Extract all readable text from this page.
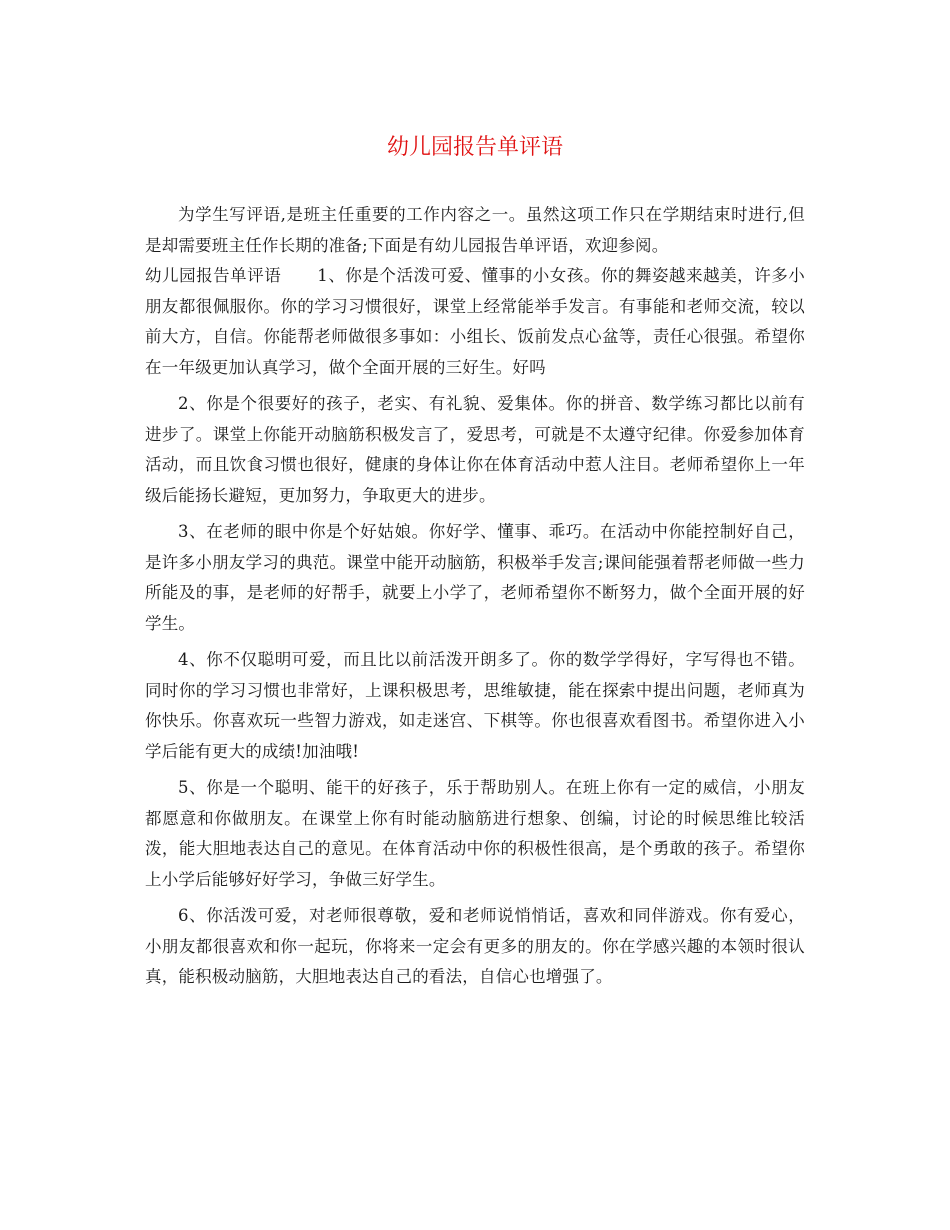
幼儿园报告单评语

为学生写评语,是班主任重要的工作内容之一。虽然这项工作只在学期结束时进行,但是却需要班主任作长期的准备;下面是有幼儿园报告单评语，欢迎参阅。

幼儿园报告单评语 1、你是个活泼可爱、懂事的小女孩。你的舞姿越来越美，许多小朋友都很佩服你。你的学习习惯很好，课堂上经常能举手发言。有事能和老师交流，较以前大方，自信。你能帮老师做很多事如：小组长、饭前发点心盆等，责任心很强。希望你在一年级更加认真学习，做个全面开展的三好生。好吗

2、你是个很要好的孩子，老实、有礼貌、爱集体。你的拼音、数学练习都比以前有进步了。课堂上你能开动脑筋积极发言了，爱思考，可就是不太遵守纪律。你爱参加体育活动，而且饮食习惯也很好，健康的身体让你在体育活动中惹人注目。老师希望你上一年级后能扬长避短，更加努力，争取更大的进步。

3、在老师的眼中你是个好姑娘。你好学、懂事、乖巧。在活动中你能控制好自己，是许多小朋友学习的典范。课堂中能开动脑筋，积极举手发言;课间能强着帮老师做一些力所能及的事，是老师的好帮手，就要上小学了，老师希望你不断努力，做个全面开展的好学生。

4、你不仅聪明可爱，而且比以前活泼开朗多了。你的数学学得好，字写得也不错。同时你的学习习惯也非常好，上课积极思考，思维敏捷，能在探索中提出问题，老师真为你快乐。你喜欢玩一些智力游戏，如走迷宫、下棋等。你也很喜欢看图书。希望你进入小学后能有更大的成绩!加油哦!

5、你是一个聪明、能干的好孩子，乐于帮助别人。在班上你有一定的威信，小朋友都愿意和你做朋友。在课堂上你有时能动脑筋进行想象、创编，讨论的时候思维比较活泼，能大胆地表达自己的意见。在体育活动中你的积极性很高，是个勇敢的孩子。希望你上小学后能够好好学习，争做三好学生。

6、你活泼可爱，对老师很尊敬，爱和老师说悄悄话，喜欢和同伴游戏。你有爱心，小朋友都很喜欢和你一起玩，你将来一定会有更多的朋友的。你在学感兴趣的本领时很认真，能积极动脑筋，大胆地表达自己的看法，自信心也增强了。
